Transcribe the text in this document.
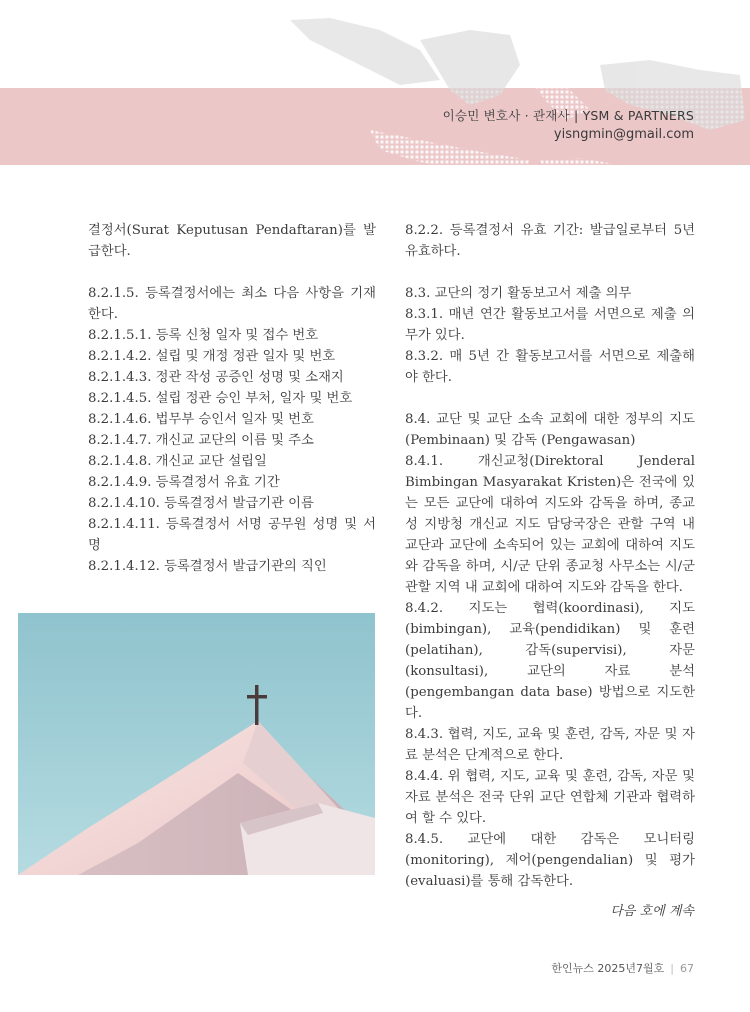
이승민 변호사 · 관재사 | YSM & PARTNERS
yisngmin@gmail.com

결정서(Surat Keputusan Pendaftaran)를 발급한다.

8.2.1.5. 등록결정서에는 최소 다음 사항을 기재한다.

8.2.1.5.1. 등록 신청 일자 및 접수 번호

8.2.1.4.2. 설립 및 개정 정관 일자 및 번호

8.2.1.4.3. 정관 작성 공증인 성명 및 소재지

8.2.1.4.5. 설립 정관 승인 부처, 일자 및 번호

8.2.1.4.6. 법무부 승인서 일자 및 번호

8.2.1.4.7. 개신교 교단의 이름 및 주소

8.2.1.4.8. 개신교 교단 설립일

8.2.1.4.9. 등록결정서 유효 기간

8.2.1.4.10. 등록결정서 발급기관 이름

8.2.1.4.11. 등록결정서 서명 공무원 성명 및 서명

8.2.1.4.12. 등록결정서 발급기관의 직인

8.2.2. 등록결정서 유효 기간: 발급일로부터 5년 유효하다.

8.3. 교단의 정기 활동보고서 제출 의무

8.3.1. 매년 연간 활동보고서를 서면으로 제출 의무가 있다.

8.3.2. 매 5년 간 활동보고서를 서면으로 제출해야 한다.

8.4. 교단 및 교단 소속 교회에 대한 정부의 지도(Pembinaan) 및 감독 (Pengawasan)

8.4.1. 개신교청(Direktoral Jenderal Bimbingan Masyarakat Kristen)은 전국에 있는 모든 교단에 대하여 지도와 감독을 하며, 종교성 지방청 개신교 지도 담당국장은 관할 구역 내 교단과 교단에 소속되어 있는 교회에 대하여 지도와 감독을 하며, 시/군 단위 종교청 사무소는 시/군 관할 지역 내 교회에 대하여 지도와 감독을 한다.

8.4.2. 지도는 협력(koordinasi), 지도(bimbingan), 교육(pendidikan) 및 훈련(pelatihan), 감독(supervisi), 자문(konsultasi), 교단의 자료 분석(pengembangan data base) 방법으로 지도한다.

8.4.3. 협력, 지도, 교육 및 훈련, 감독, 자문 및 자료 분석은 단계적으로 한다.

8.4.4. 위 협력, 지도, 교육 및 훈련, 감독, 자문 및 자료 분석은 전국 단위 교단 연합체 기관과 협력하여 할 수 있다.

8.4.5. 교단에 대한 감독은 모니터링(monitoring), 제어(pengendalian) 및 평가(evaluasi)를 통해 감독한다.

다음 호에 계속
한인뉴스 2025년7월호 | 67
